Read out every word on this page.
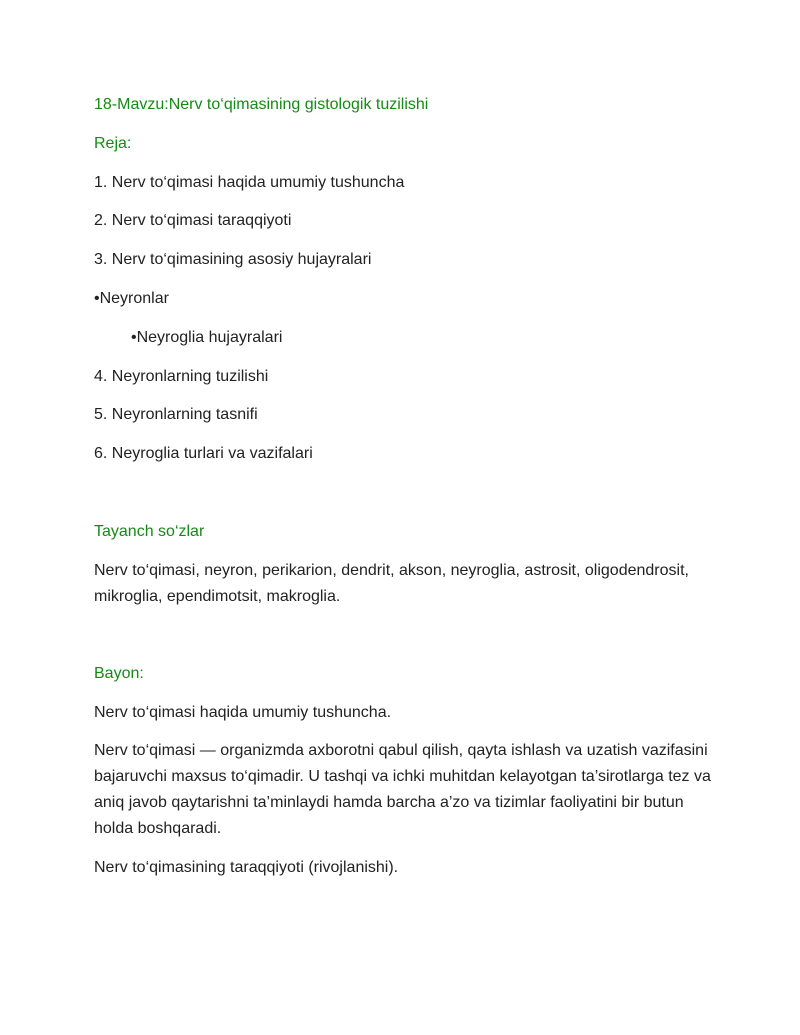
18-Mavzu:Nerv to‘qimasining gistologik tuzilishi
Reja:
1. Nerv to‘qimasi haqida umumiy tushuncha
2. Nerv to‘qimasi taraqqiyoti
3. Nerv to‘qimasining asosiy hujayralari
•Neyronlar
•Neyroglia hujayralari
4. Neyronlarning tuzilishi
5. Neyronlarning tasnifi
6. Neyroglia turlari va vazifalari
Tayanch so‘zlar
Nerv to‘qimasi, neyron, perikarion, dendrit, akson, neyroglia, astrosit, oligodendrosit, mikroglia, ependimotsit, makroglia.
Bayon:
Nerv to‘qimasi haqida umumiy tushuncha.
Nerv to‘qimasi — organizmda axborotni qabul qilish, qayta ishlash va uzatish vazifasini bajaruvchi maxsus to‘qimadir. U tashqi va ichki muhitdan kelayotgan ta’sirotlarga tez va aniq javob qaytarishni ta’minlaydi hamda barcha a’zo va tizimlar faoliyatini bir butun holda boshqaradi.
Nerv to‘qimasining taraqqiyoti (rivojlanishi).
